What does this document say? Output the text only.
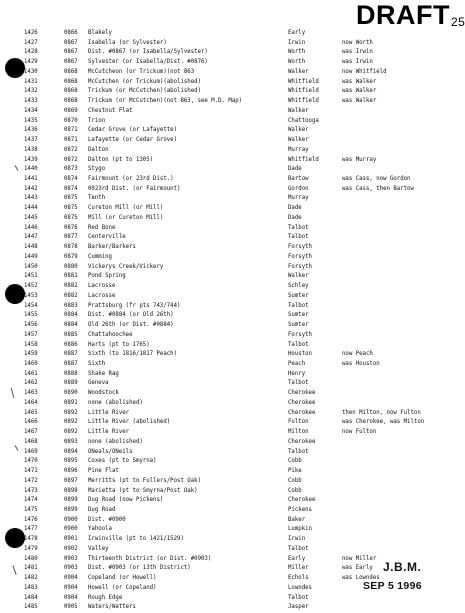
DRAFT25
1426	0866	Blakely	Early
1427	0867	Isabella (or Sylvester)	Irwin	now Worth
1428	0867	Dist. #0867 (or Isabella/Sylvester)	Worth	was Irwin
1429	0867	Sylvester (or Isabella/Dist. #0876)	Worth	was Irwin
1430	0868	McCutcheon (or Trickum)(not 863	Walker	now Whitfield
1431	0868	McCutchen (or Trickum)(abolished)	Whitfield	was Walker
1432	0868	Trickum (or McCutchen)(abolished)	Whitfield	was Walker
1433	0868	Trickum (or McCutchen)(not 863, see M.D. Map)	Whitfield	was Walker
1434	0869	Chestnut Flat	Walker
1435	0870	Trion	Chattooga
1436	0871	Cedar Grove (or Lafayette)	Walker
1437	0871	Lafayette (or Cedar Grove)	Walker
1438	0872	Dalton	Murray
1439	0872	Dalton (pt to 1305)	Whitfield	was Murray
1440	0873	Stygo	Dade
1441	0874	Fairmount (or 23rd Dist.)	Bartow	was Cass, now Gordon
1442	0874	0023rd Dist. (or Fairmount)	Gordon	was Cass, then Bartow
1443	0875	Tenth	Murray
1444	0875	Cureton Mill (or Mill)	Dade
1445	0875	Mill (or Cureton Mill)	Dade
1446	0876	Red Bone	Talbot
1447	0877	Centerville	Talbot
1448	0878	Barker/Barkers	Forsyth
1449	0879	Cumming	Forsyth
1450	0880	Vickerys Creek/Vickery	Forsyth
1451	0881	Pond Spring	Walker
1452	0882	Lacrosse	Schley
1453	0882	Lacrosse	Sumter
1454	0883	Prattsburg (fr pts 743/744)	Talbot
1455	0884	Dist. #0884 (or Old 26th)	Sumter
1456	0884	Old 26th (or Dist. #0884)	Sumter
1457	0885	Chattahoochee	Forsyth
1458	0886	Harts (pt to 1765)	Talbot
1459	0887	Sixth (to 1816/1817 Peach)	Houston	now Peach
1460	0887	Sixth	Peach	was Houston
1461	0888	Shake Rag	Henry
1462	0889	Geneva	Talbot
1463	0890	Woodstock	Cherokee
1464	0891	none (abolished)	Cherokee
1465	0892	Little River	Cherokee	then Milton, now Fulton
1466	0892	Little River (abolished)	Fulton	was Cherokee, was Milton
1467	0892	Little River	Milton	now Fulton
1468	0893	none (abolished)	Cherokee
1469	0894	ONeals/ONeils	Talbot
1470	0895	Coxes (pt to Smyrna)	Cobb
1471	0896	Pine Flat	Pike
1472	0897	Merritts (pt to Fullers/Post Oak)	Cobb
1473	0898	Marietta (pt to Smyrna/Post Oak)	Cobb
1474	0899	Dug Road (now Pickens)	Cherokee
1475	0899	Dug Road	Pickens
1476	0900	Dist. #0900	Baker
1477	0900	Yahoola	Lumpkin
1478	0901	Irwinville (pt to 1421/1529)	Irwin
1479	0902	Valley	Talbot
1480	0903	Thirteenth District (or Dist. #0903)	Early	now Miller
1481	0903	Dist. #0903 (or 13th District)	Miller	was Early
1482	0904	Copeland (or Howell)	Echols	was Lowndes
1483	0904	Howell (or Copeland)	Lowndes
1484	0904	Rough Edge	Talbot
1485	0905	Waters/Watters	Jasper
J.B.M.
SEP 5 1996
